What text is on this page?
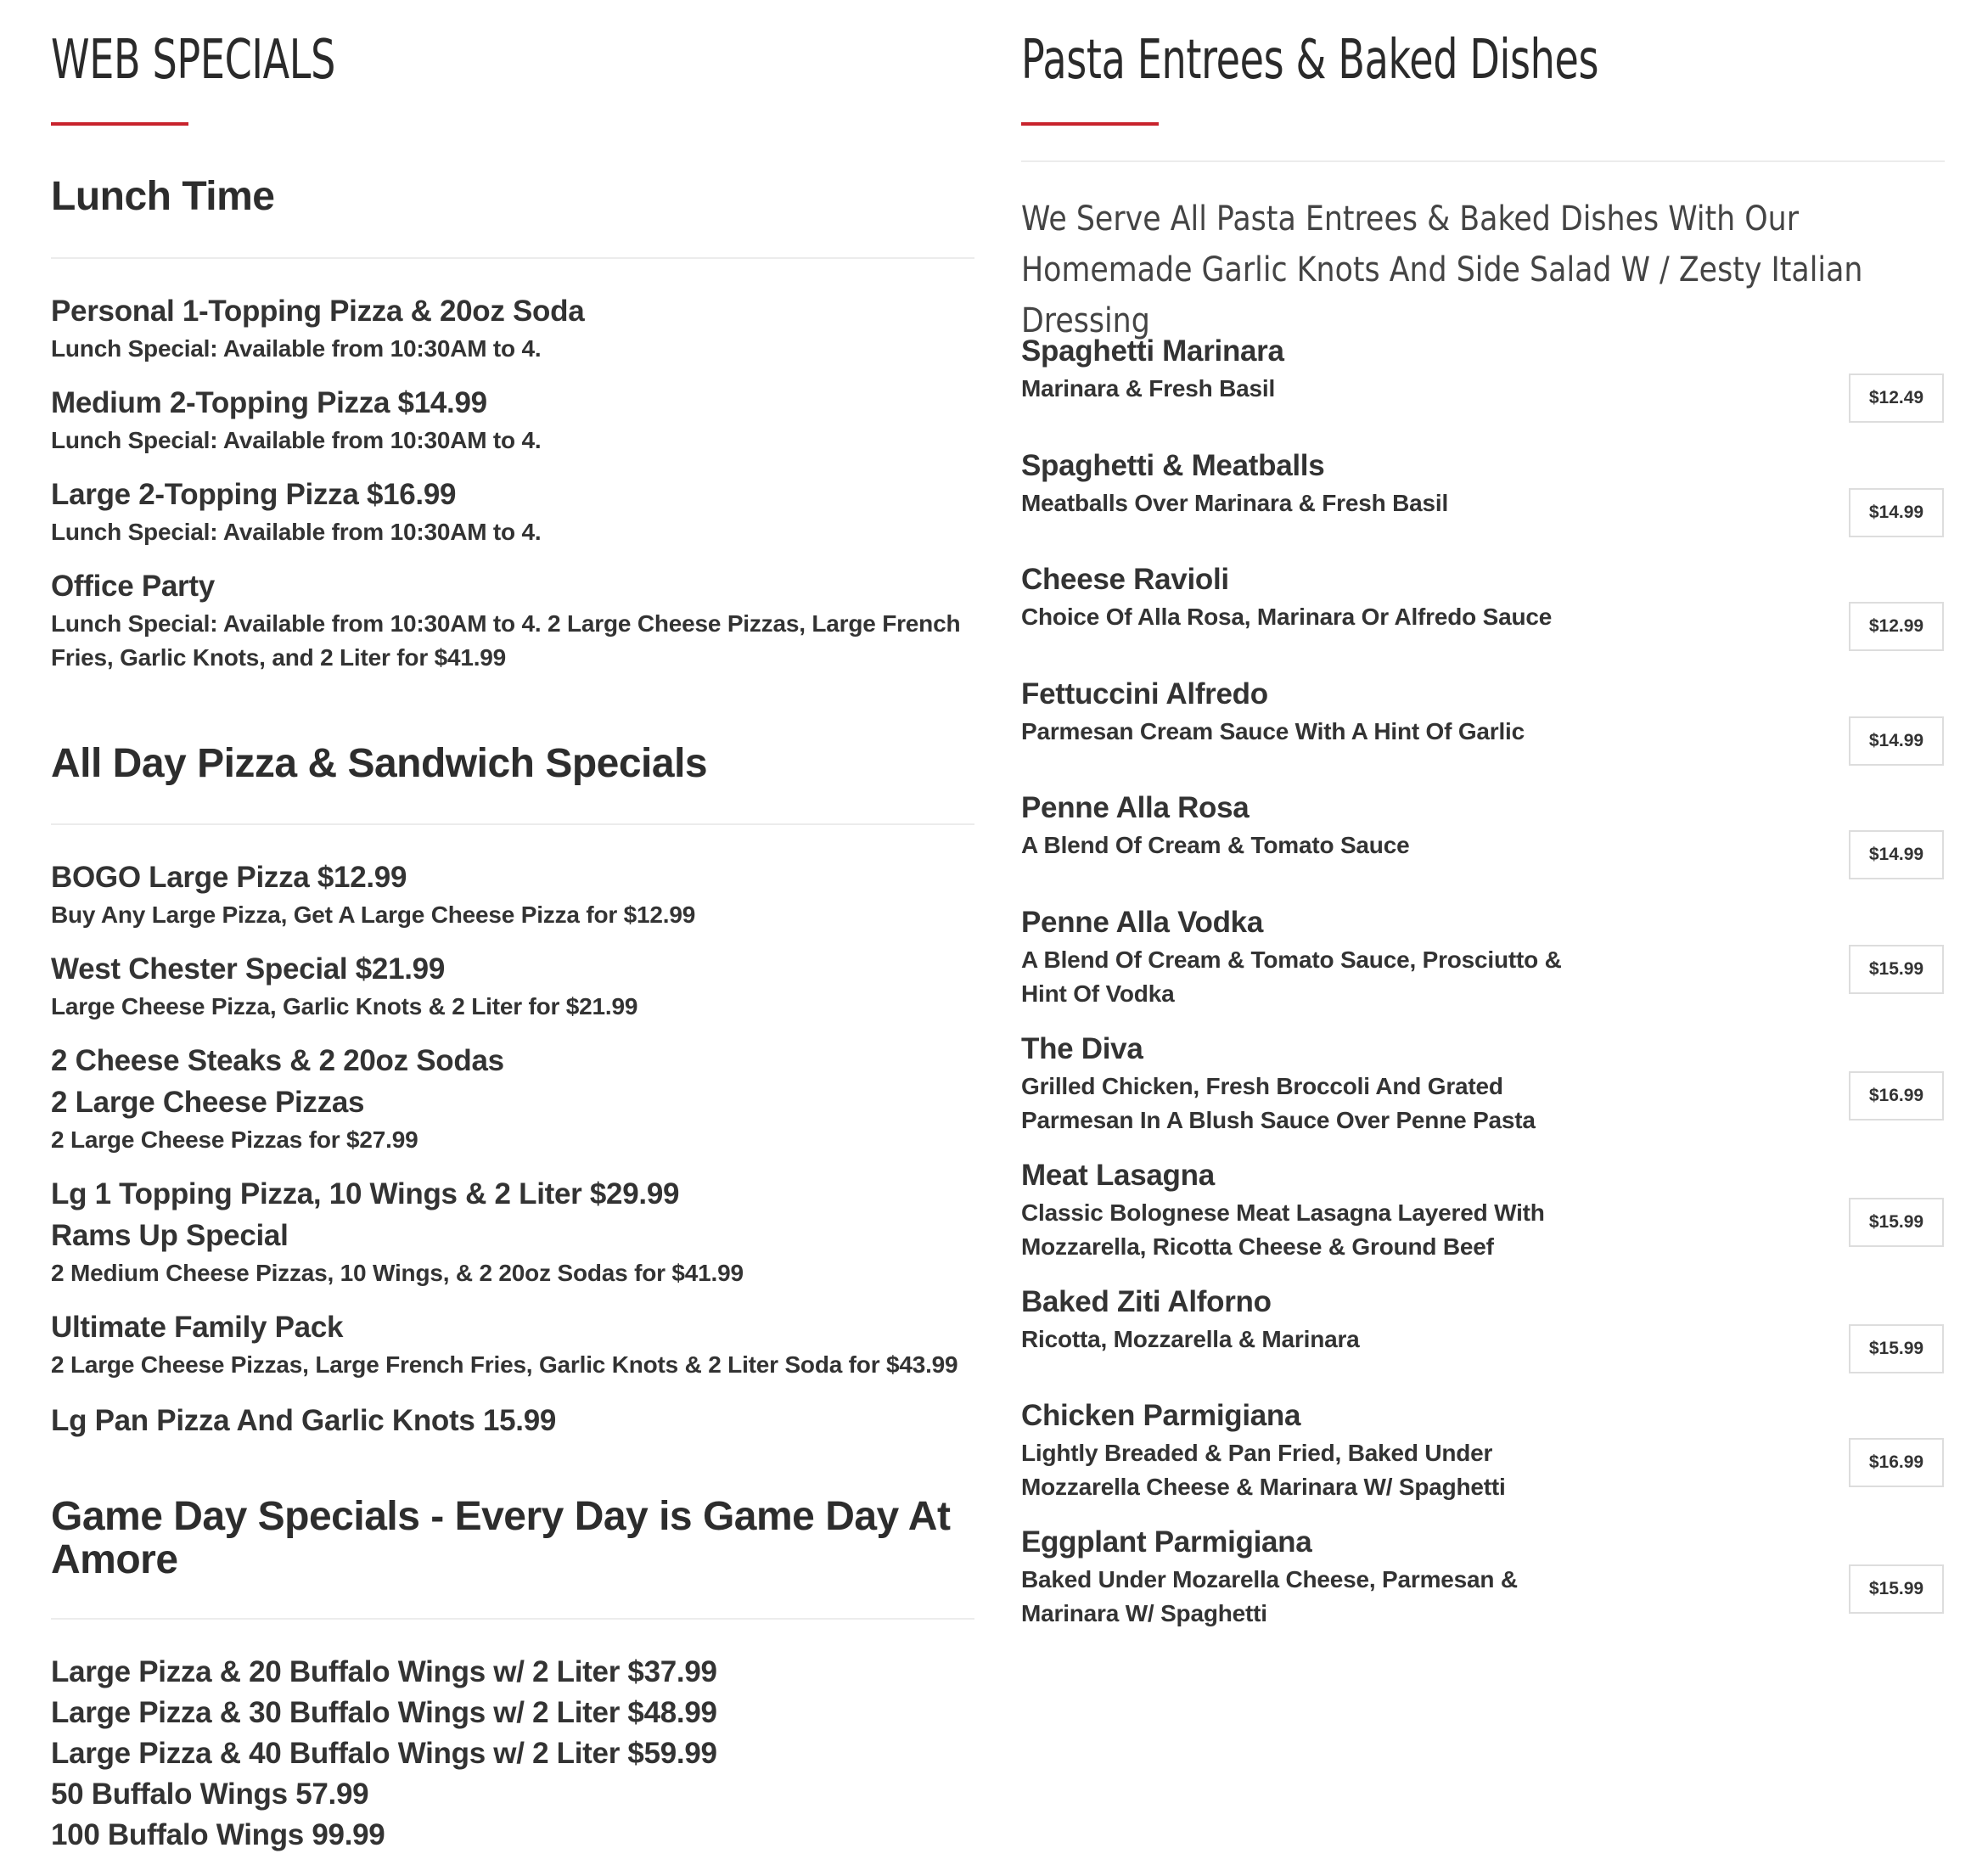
WEB SPECIALS
Lunch Time
Personal 1-Topping Pizza & 20oz Soda
Lunch Special: Available from 10:30AM to 4.
Medium 2-Topping Pizza $14.99
Lunch Special: Available from 10:30AM to 4.
Large 2-Topping Pizza $16.99
Lunch Special: Available from 10:30AM to 4.
Office Party
Lunch Special: Available from 10:30AM to 4. 2 Large Cheese Pizzas, Large French Fries, Garlic Knots, and 2 Liter for $41.99
All Day Pizza & Sandwich Specials
BOGO Large Pizza $12.99
Buy Any Large Pizza, Get A Large Cheese Pizza for $12.99
West Chester Special $21.99
Large Cheese Pizza, Garlic Knots & 2 Liter for $21.99
2 Cheese Steaks & 2 20oz Sodas
2 Large Cheese Pizzas
2 Large Cheese Pizzas for $27.99
Lg 1 Topping Pizza, 10 Wings & 2 Liter $29.99
Rams Up Special
2 Medium Cheese Pizzas, 10 Wings, & 2 20oz Sodas for $41.99
Ultimate Family Pack
2 Large Cheese Pizzas, Large French Fries, Garlic Knots & 2 Liter Soda for $43.99
Lg Pan Pizza And Garlic Knots 15.99
Game Day Specials - Every Day is Game Day At Amore
Large Pizza & 20 Buffalo Wings w/ 2 Liter $37.99
Large Pizza & 30 Buffalo Wings w/ 2 Liter $48.99
Large Pizza & 40 Buffalo Wings w/ 2 Liter $59.99
50 Buffalo Wings 57.99
100 Buffalo Wings 99.99
Pasta Entrees & Baked Dishes
We Serve All Pasta Entrees & Baked Dishes With Our Homemade Garlic Knots And Side Salad W / Zesty Italian Dressing
Spaghetti Marinara
Marinara & Fresh Basil	$12.49
Spaghetti & Meatballs
Meatballs Over Marinara & Fresh Basil	$14.99
Cheese Ravioli
Choice Of Alla Rosa, Marinara Or Alfredo Sauce	$12.99
Fettuccini Alfredo
Parmesan Cream Sauce With A Hint Of Garlic	$14.99
Penne Alla Rosa
A Blend Of Cream & Tomato Sauce	$14.99
Penne Alla Vodka
A Blend Of Cream & Tomato Sauce, Prosciutto & Hint Of Vodka
$15.99
The Diva
Grilled Chicken, Fresh Broccoli And Grated Parmesan In A Blush Sauce Over Penne Pasta
$16.99
Meat Lasagna
Classic Bolognese Meat Lasagna Layered With Mozzarella, Ricotta Cheese & Ground Beef
$15.99
Baked Ziti Alforno
Ricotta, Mozzarella & Marinara	$15.99
Chicken Parmigiana
Lightly Breaded & Pan Fried, Baked Under Mozzarella Cheese & Marinara W/ Spaghetti
$16.99
Eggplant Parmigiana
Baked Under Mozarella Cheese, Parmesan & Marinara W/ Spaghetti
$15.99
